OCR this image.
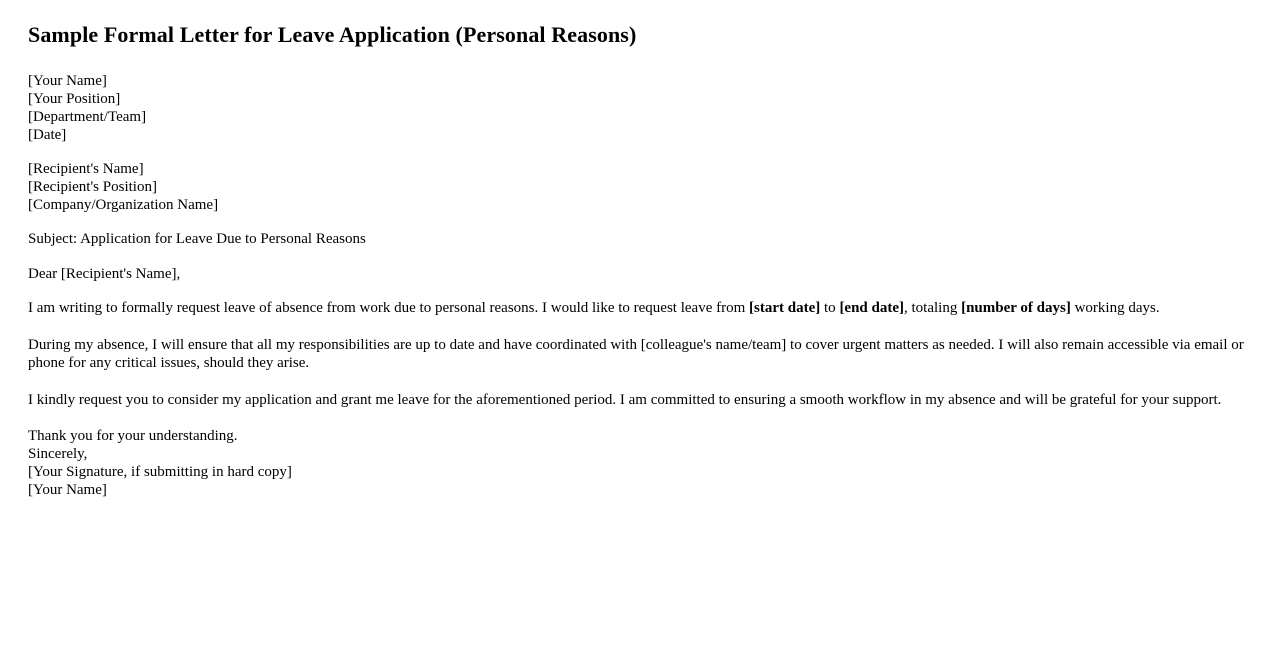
Sample Formal Letter for Leave Application (Personal Reasons)
[Your Name]
[Your Position]
[Department/Team]
[Date]
[Recipient's Name]
[Recipient's Position]
[Company/Organization Name]

Subject: Application for Leave Due to Personal Reasons

Dear [Recipient's Name],

I am writing to formally request leave of absence from work due to personal reasons. I would like to request leave from [start date] to [end date], totaling [number of days] working days.

During my absence, I will ensure that all my responsibilities are up to date and have coordinated with [colleague's name/team] to cover urgent matters as needed. I will also remain accessible via email or phone for any critical issues, should they arise.

I kindly request you to consider my application and grant me leave for the aforementioned period. I am committed to ensuring a smooth workflow in my absence and will be grateful for your support.

Thank you for your understanding.
Sincerely,
[Your Signature, if submitting in hard copy]
[Your Name]
